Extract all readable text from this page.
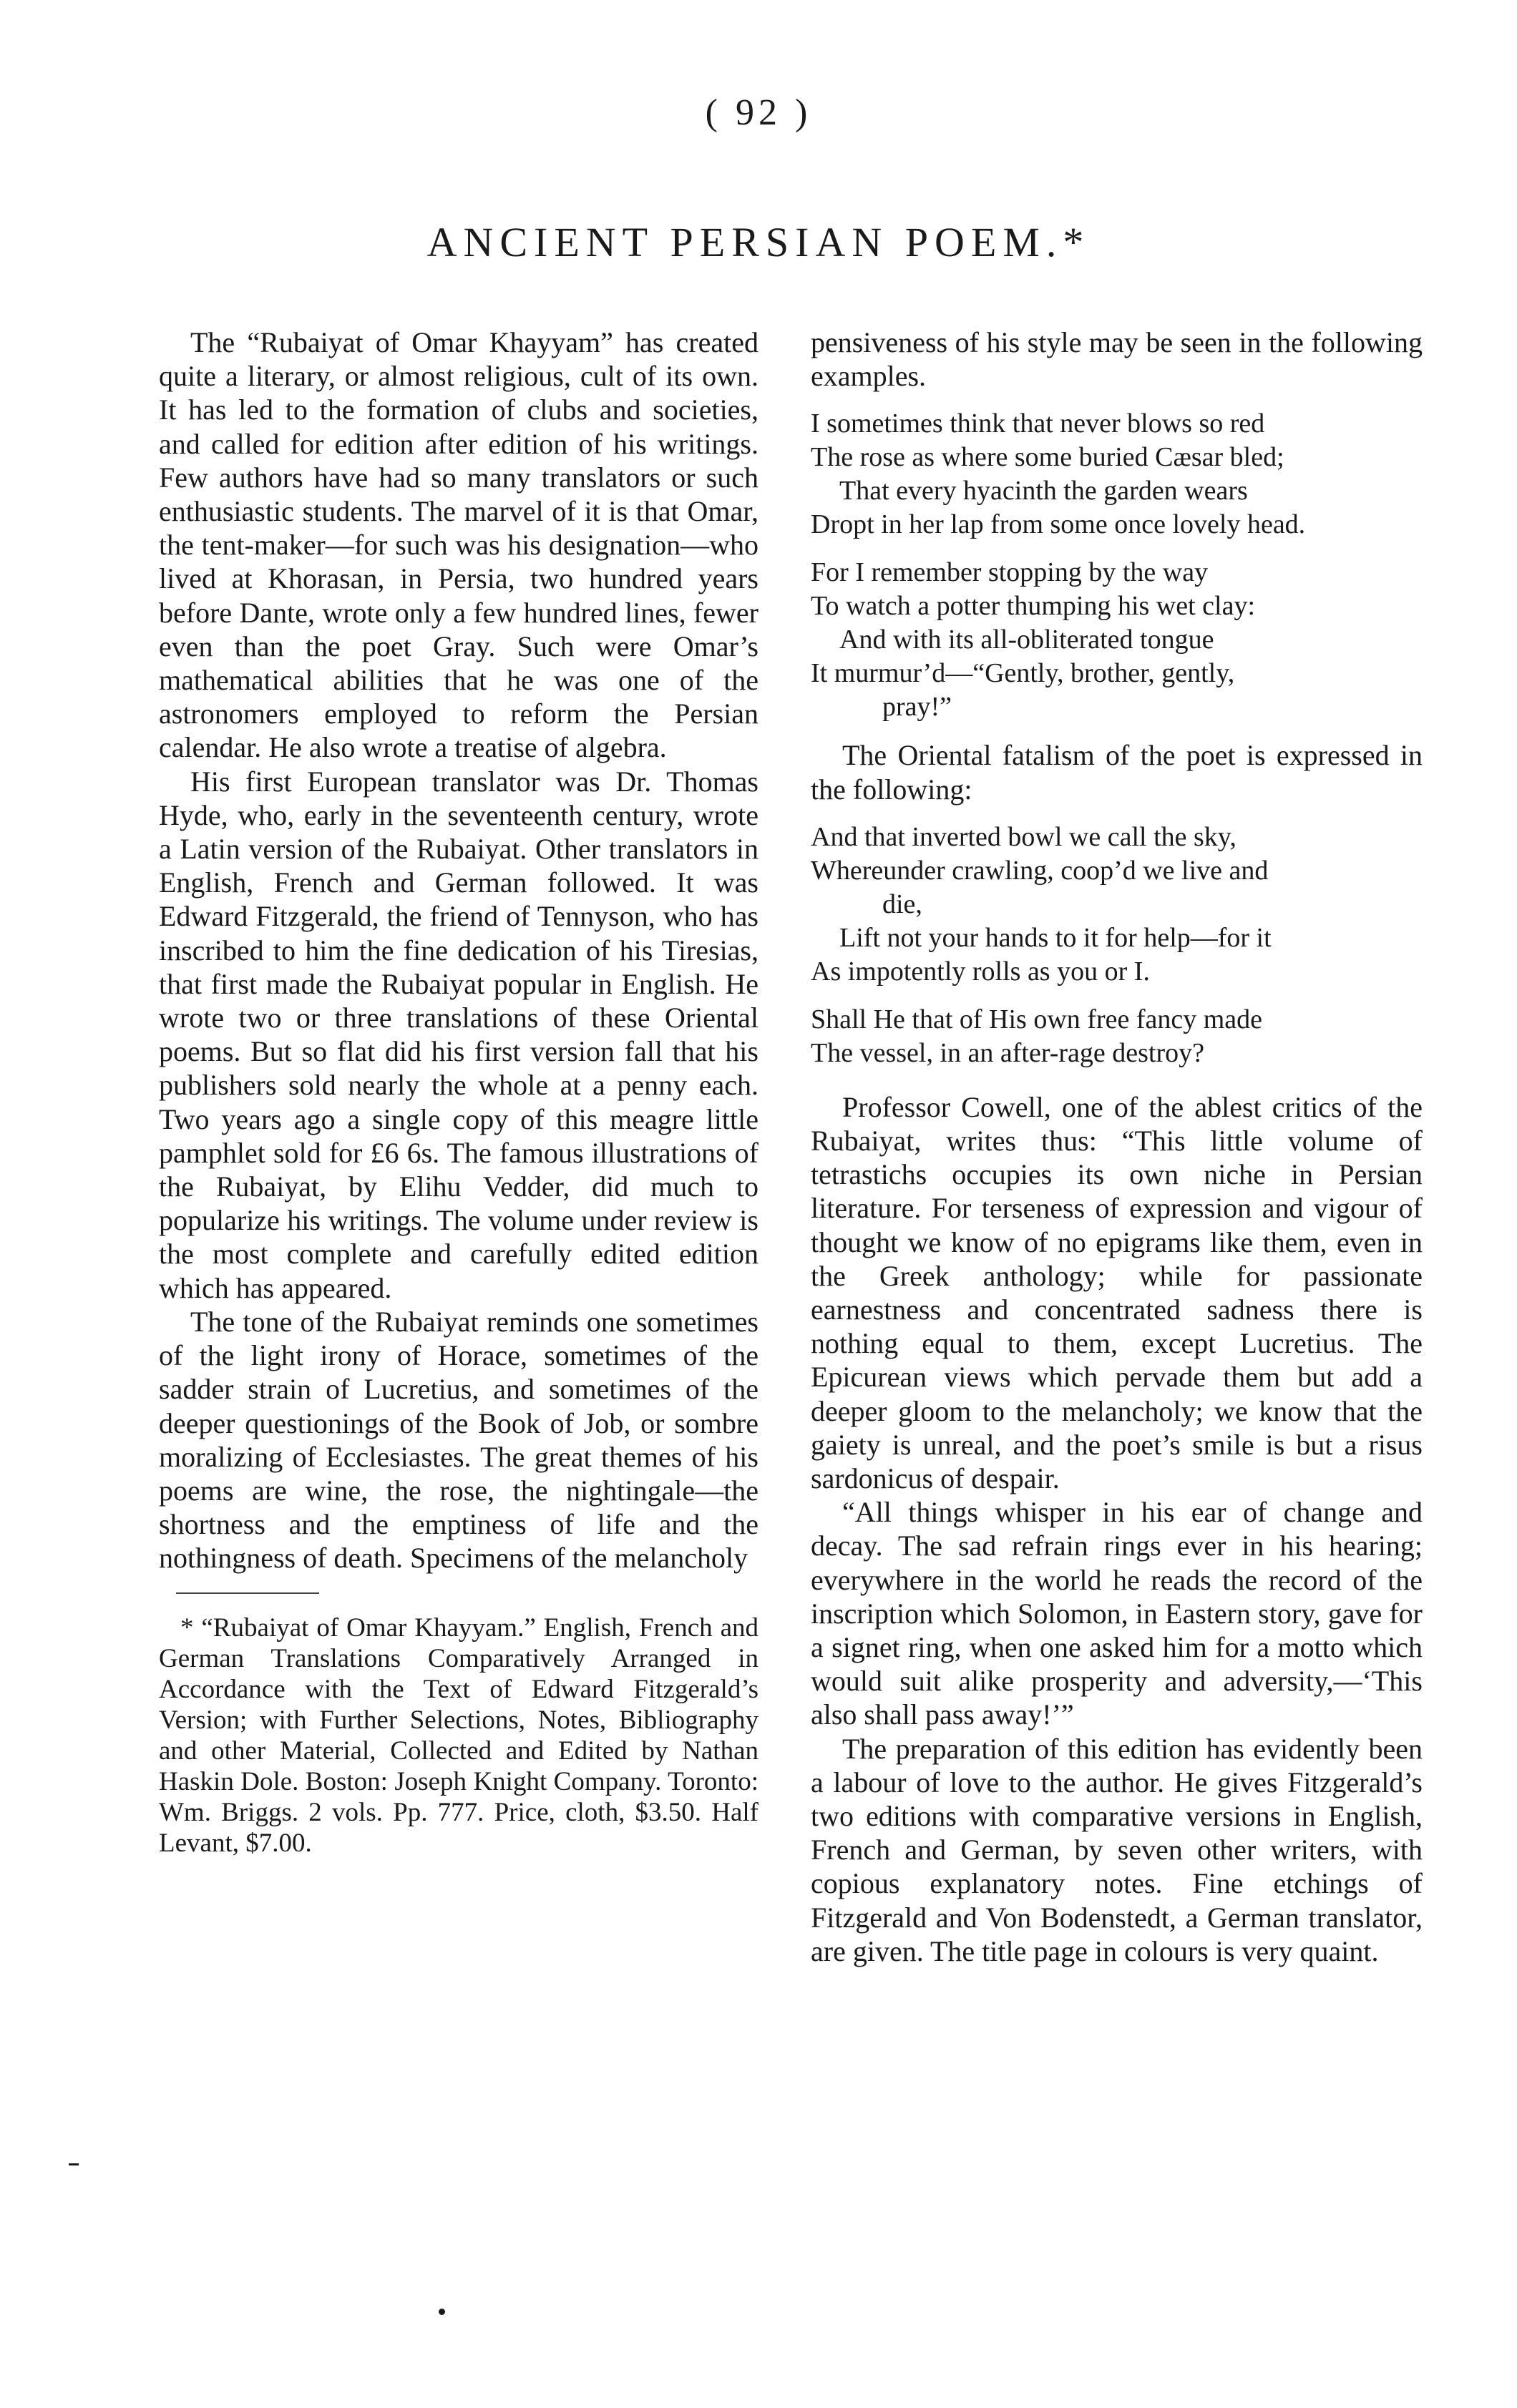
( 92 )
ANCIENT PERSIAN POEM.*

The “Rubaiyat of Omar Khayyam” has created quite a literary, or almost religious, cult of its own. It has led to the formation of clubs and societies, and called for edition after edition of his writings. Few authors have had so many translators or such enthusiastic students. The marvel of it is that Omar, the tent-maker—for such was his designation—who lived at Khorasan, in Persia, two hundred years before Dante, wrote only a few hundred lines, fewer even than the poet Gray. Such were Omar’s mathematical abilities that he was one of the astronomers employed to reform the Persian calendar. He also wrote a treatise of algebra.

His first European translator was Dr. Thomas Hyde, who, early in the seventeenth century, wrote a Latin version of the Rubaiyat. Other translators in English, French and German followed. It was Edward Fitzgerald, the friend of Tennyson, who has inscribed to him the fine dedication of his Tiresias, that first made the Rubaiyat popular in English. He wrote two or three translations of these Oriental poems. But so flat did his first version fall that his publishers sold nearly the whole at a penny each. Two years ago a single copy of this meagre little pamphlet sold for £6 6s. The famous illustrations of the Rubaiyat, by Elihu Vedder, did much to popularize his writings. The volume under review is the most complete and carefully edited edition which has appeared.

The tone of the Rubaiyat reminds one sometimes of the light irony of Horace, sometimes of the sadder strain of Lucretius, and sometimes of the deeper questionings of the Book of Job, or sombre moralizing of Ecclesiastes. The great themes of his poems are wine, the rose, the nightingale—the shortness and the emptiness of life and the nothingness of death. Specimens of the melancholy

* “Rubaiyat of Omar Khayyam.” English, French and German Translations Comparatively Arranged in Accordance with the Text of Edward Fitzgerald’s Version; with Further Selections, Notes, Bibliography and other Material, Collected and Edited by Nathan Haskin Dole. Boston: Joseph Knight Company. Toronto: Wm. Briggs. 2 vols. Pp. 777. Price, cloth, $3.50. Half Levant, $7.00.

pensiveness of his style may be seen in the following examples.

I sometimes think that never blows so red
The rose as where some buried Cæsar bled;
That every hyacinth the garden wears
Dropt in her lap from some once lovely head.
For I remember stopping by the way
To watch a potter thumping his wet clay:
And with its all-obliterated tongue
It murmur’d—“Gently, brother, gently,
pray!”

The Oriental fatalism of the poet is expressed in the following:

And that inverted bowl we call the sky,
Whereunder crawling, coop’d we live and
die,
Lift not your hands to it for help—for it
As impotently rolls as you or I.
Shall He that of His own free fancy made
The vessel, in an after-rage destroy?

Professor Cowell, one of the ablest critics of the Rubaiyat, writes thus: “This little volume of tetrastichs occupies its own niche in Persian literature. For terseness of expression and vigour of thought we know of no epigrams like them, even in the Greek anthology; while for passionate earnestness and concentrated sadness there is nothing equal to them, except Lucretius. The Epicurean views which pervade them but add a deeper gloom to the melancholy; we know that the gaiety is unreal, and the poet’s smile is but a risus sardonicus of despair.

“All things whisper in his ear of change and decay. The sad refrain rings ever in his hearing; everywhere in the world he reads the record of the inscription which Solomon, in Eastern story, gave for a signet ring, when one asked him for a motto which would suit alike prosperity and adversity,—‘This also shall pass away!’”

The preparation of this edition has evidently been a labour of love to the author. He gives Fitzgerald’s two editions with comparative versions in English, French and German, by seven other writers, with copious explanatory notes. Fine etchings of Fitzgerald and Von Bodenstedt, a German translator, are given. The title page in colours is very quaint.
